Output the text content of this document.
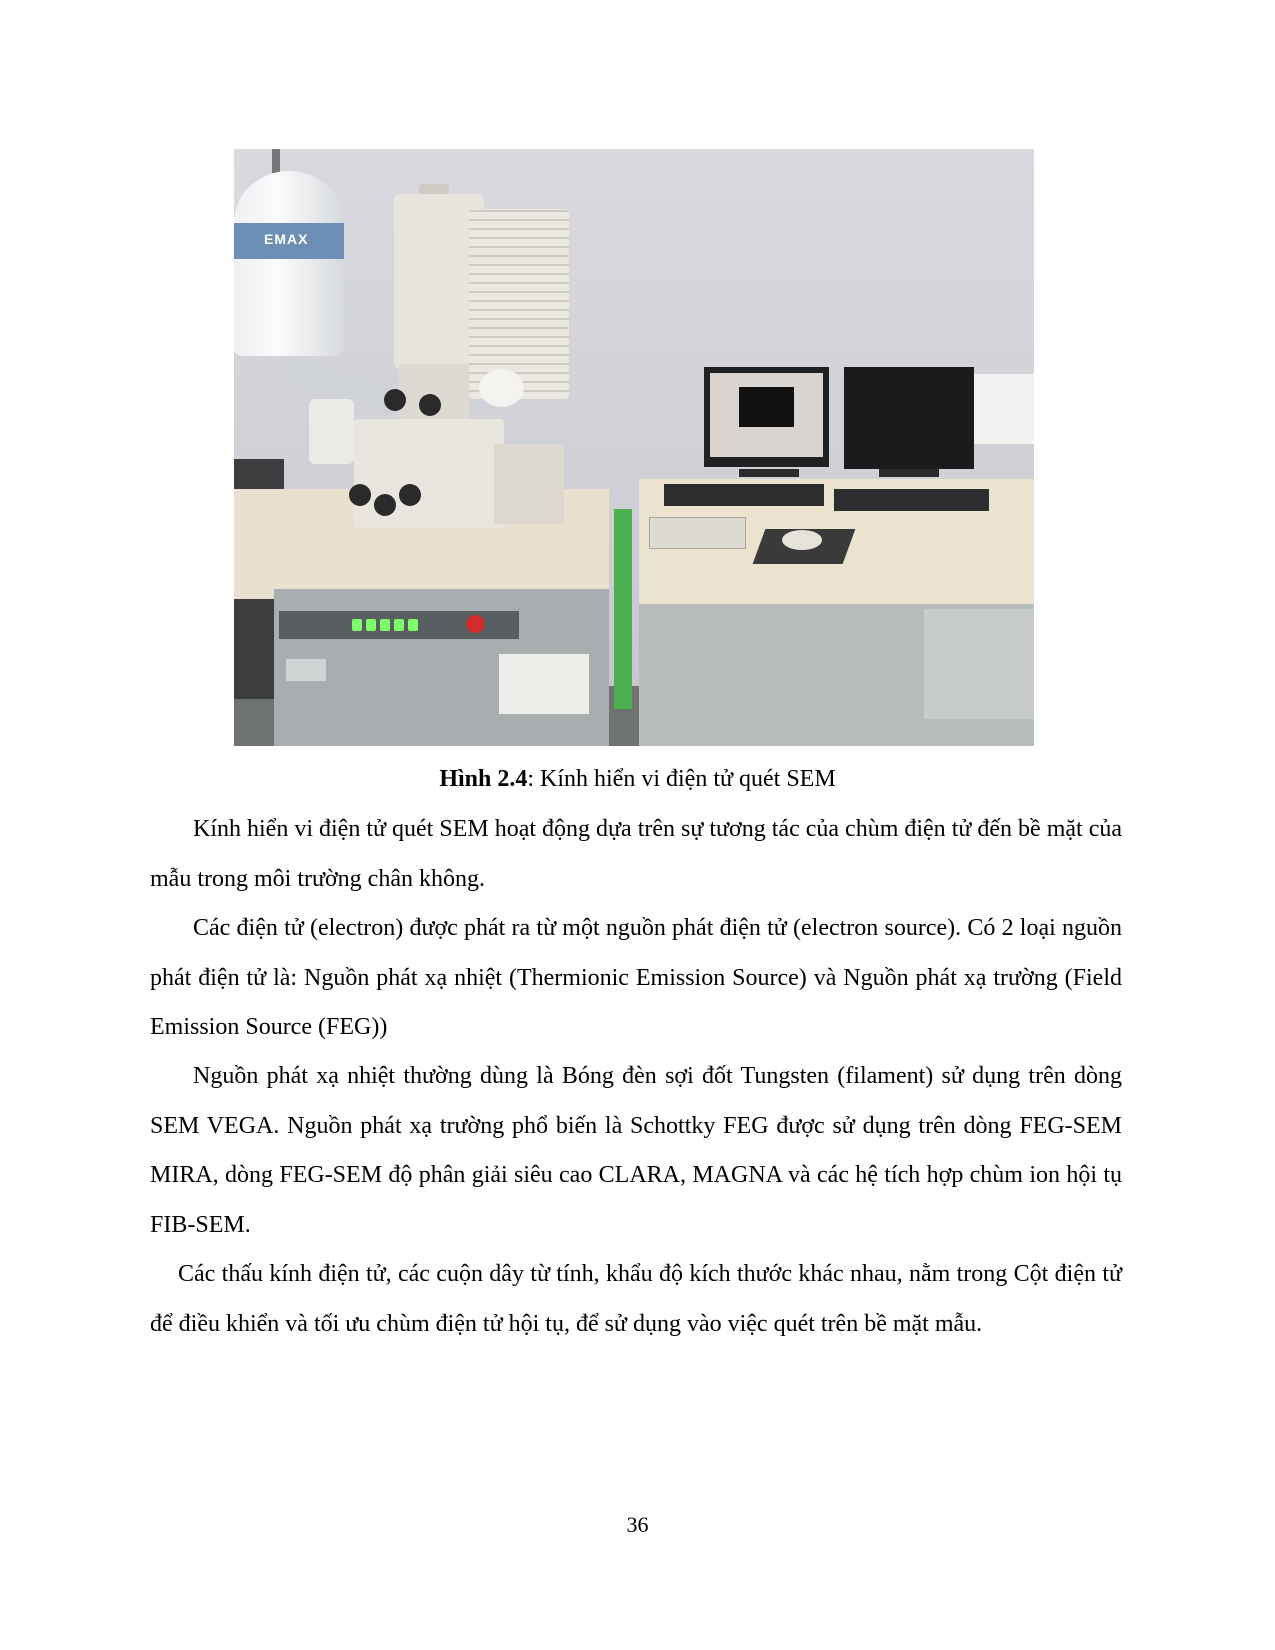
EMAX
Hình 2.4: Kính hiển vi điện tử quét SEM

Kính hiển vi điện tử quét SEM hoạt động dựa trên sự tương tác của chùm điện tử đến bề mặt của mẫu trong môi trường chân không.

Các điện tử (electron) được phát ra từ một nguồn phát điện tử (electron source). Có 2 loại nguồn phát điện tử là: Nguồn phát xạ nhiệt (Thermionic Emission Source) và Nguồn phát xạ trường (Field Emission Source (FEG))

Nguồn phát xạ nhiệt thường dùng là Bóng đèn sợi đốt Tungsten (filament) sử dụng trên dòng SEM VEGA. Nguồn phát xạ trường phổ biến là Schottky FEG được sử dụng trên dòng FEG-SEM MIRA, dòng FEG-SEM độ phân giải siêu cao CLARA, MAGNA và các hệ tích hợp chùm ion hội tụ FIB-SEM.

Các thấu kính điện tử, các cuộn dây từ tính, khẩu độ kích thước khác nhau, nằm trong Cột điện tử để điều khiển và tối ưu chùm điện tử hội tụ, để sử dụng vào việc quét trên bề mặt mẫu.

36
